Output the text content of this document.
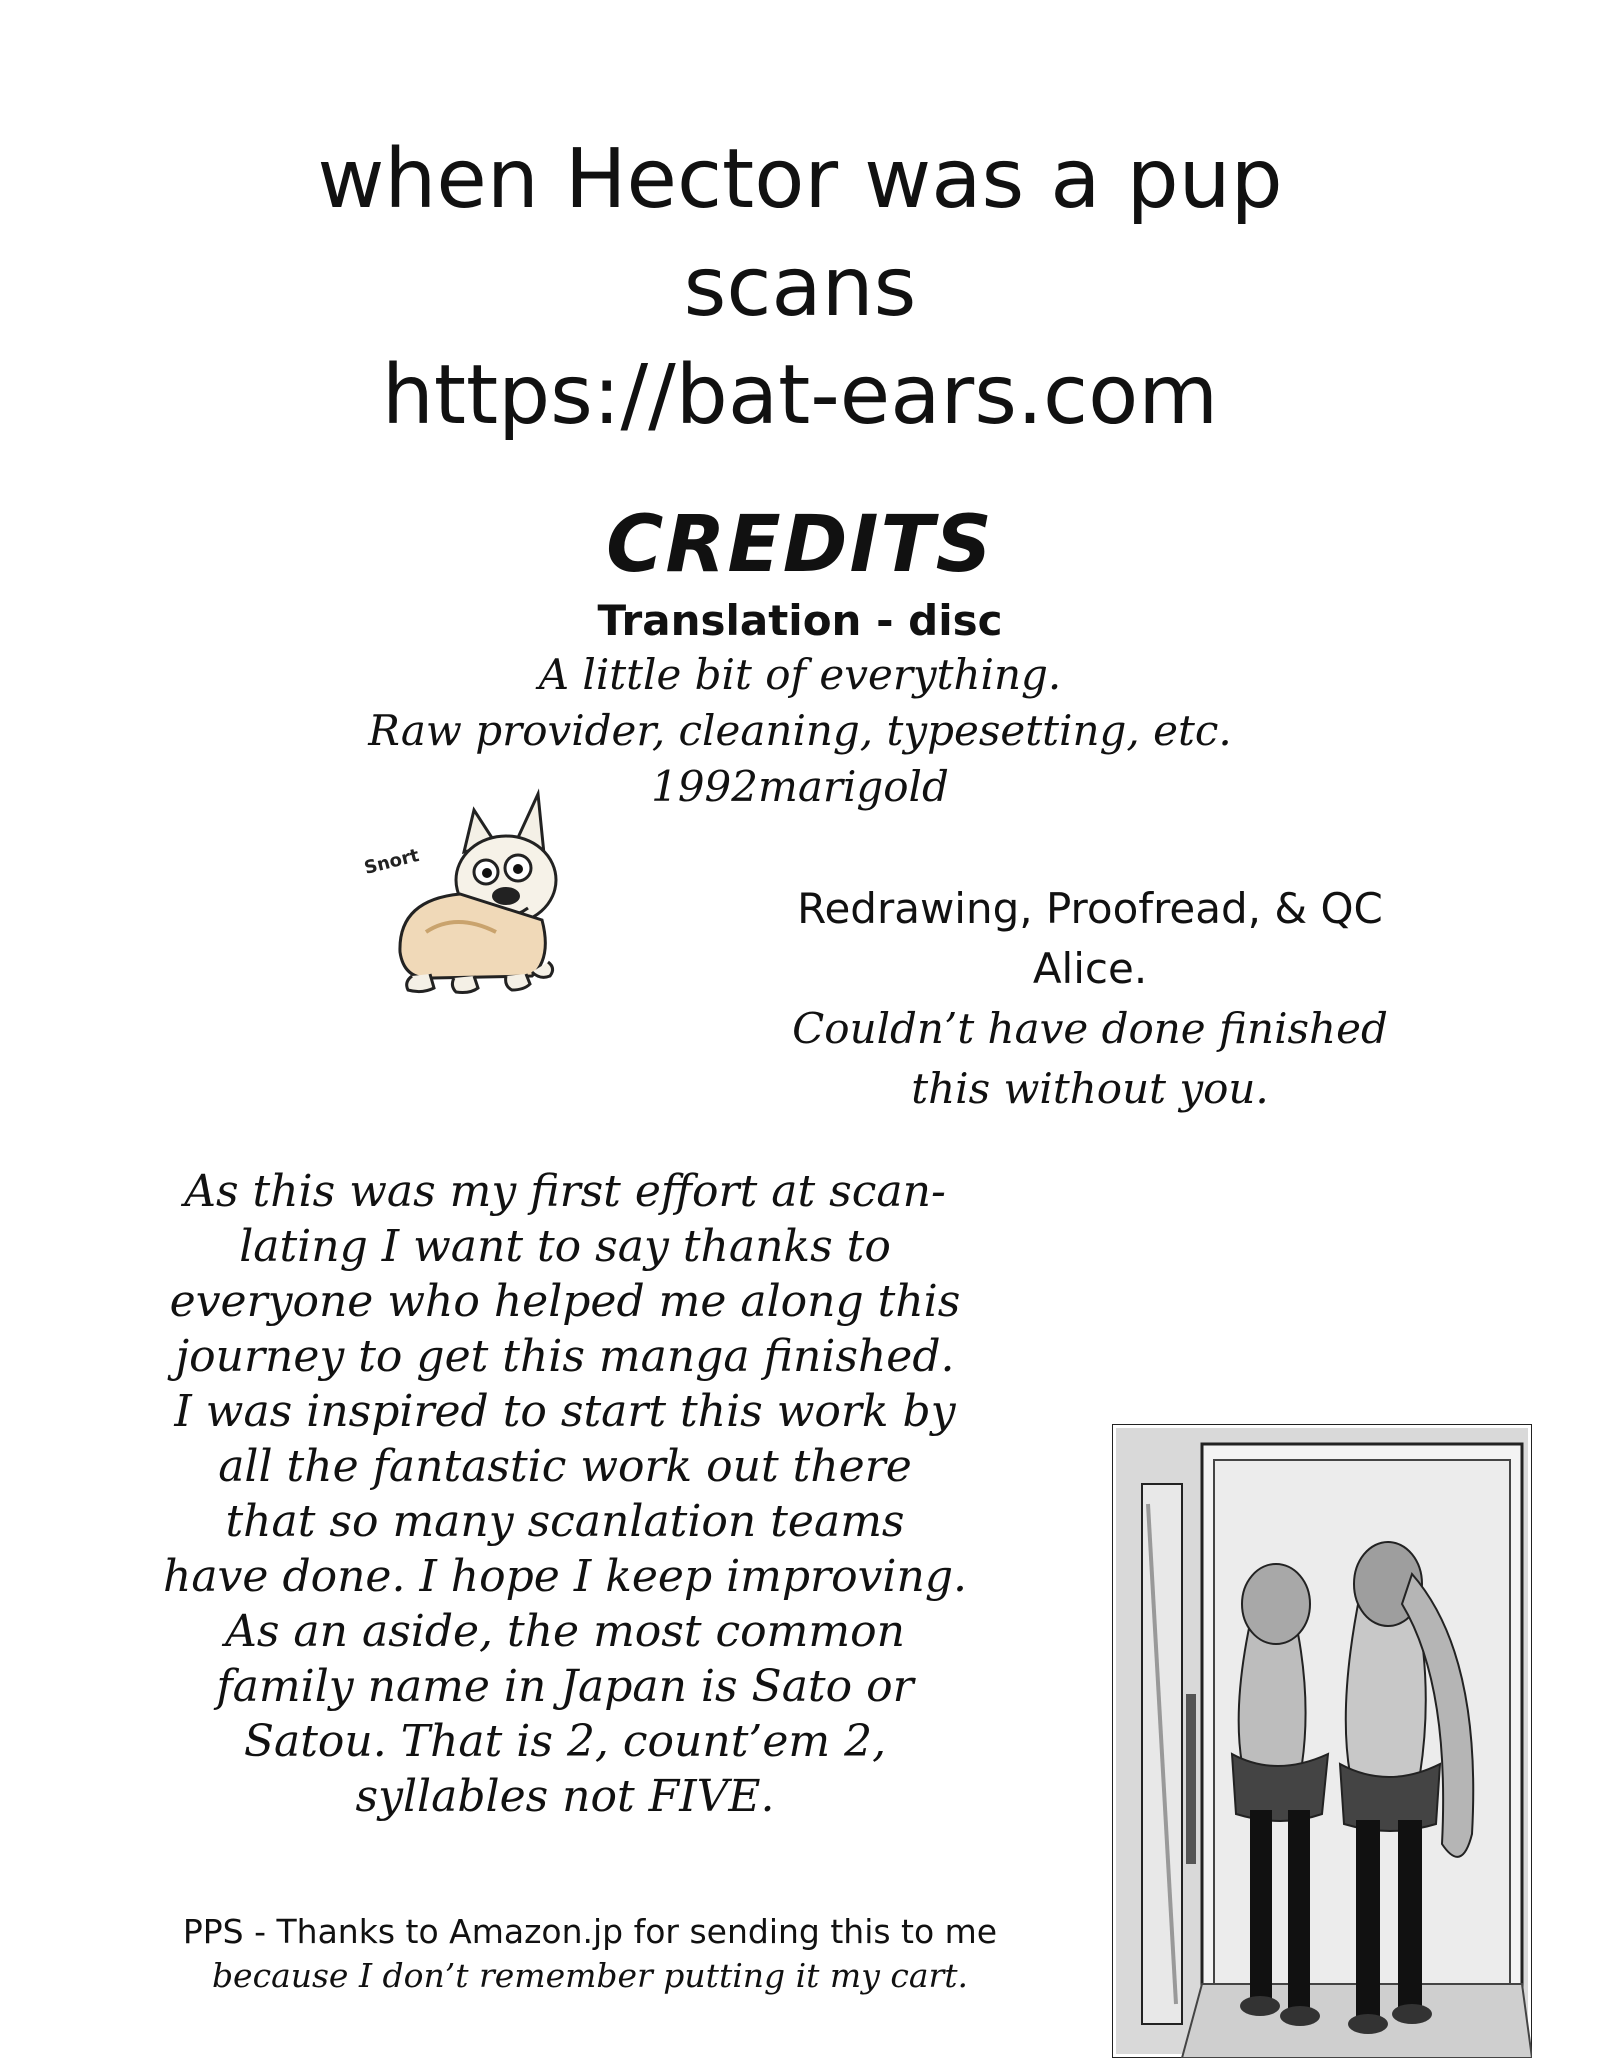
when Hector was a pup
scans
https://bat-ears.com
CREDITS
Translation - disc
A little bit of everything.
Raw provider, cleaning, typesetting, etc.
1992marigold
Snort
Redrawing, Proofread, & QC
Alice.
Couldn’t have done finished
this without you.
As this was my first effort at scan-
lating I want to say thanks to
everyone who helped me along this
journey to get this manga finished.
I was inspired to start this work by
all the fantastic work out there
that so many scanlation teams
have done. I hope I keep improving.
As an aside, the most common
family name in Japan is Sato or
Satou. That is 2, count’em 2,
syllables not FIVE.
PPS - Thanks to Amazon.jp for sending this to me
because I don’t remember putting it my cart.
